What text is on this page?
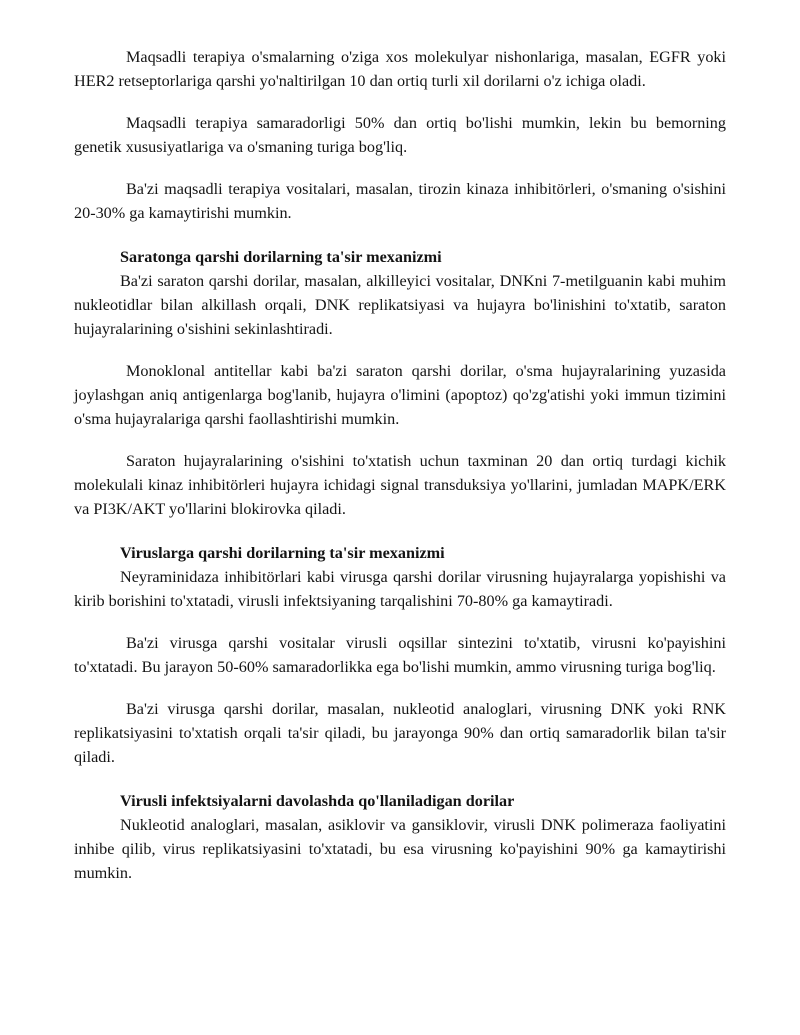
Maqsadli terapiya o'smalarning o'ziga xos molekulyar nishonlariga, masalan, EGFR yoki HER2 retseptorlariga qarshi yo'naltirilgan 10 dan ortiq turli xil dorilarni o'z ichiga oladi.

Maqsadli terapiya samaradorligi 50% dan ortiq bo'lishi mumkin, lekin bu bemorning genetik xususiyatlariga va o'smaning turiga bog'liq.

Ba'zi maqsadli terapiya vositalari, masalan, tirozin kinaza inhibitörleri, o'smaning o'sishini 20-30% ga kamaytirishi mumkin.

Saratonga qarshi dorilarning ta'sir mexanizmi

Ba'zi saraton qarshi dorilar, masalan, alkilleyici vositalar, DNKni 7-metilguanin kabi muhim nukleotidlar bilan alkillash orqali, DNK replikatsiyasi va hujayra bo'linishini to'xtatib, saraton hujayralarining o'sishini sekinlashtiradi.

Monoklonal antitellar kabi ba'zi saraton qarshi dorilar, o'sma hujayralarining yuzasida joylashgan aniq antigenlarga bog'lanib, hujayra o'limini (apoptoz) qo'zg'atishi yoki immun tizimini o'sma hujayralariga qarshi faollashtirishi mumkin.

Saraton hujayralarining o'sishini to'xtatish uchun taxminan 20 dan ortiq turdagi kichik molekulali kinaz inhibitörleri hujayra ichidagi signal transduksiya yo'llarini, jumladan MAPK/ERK va PI3K/AKT yo'llarini blokirovka qiladi.

Viruslarga qarshi dorilarning ta'sir mexanizmi

Neyraminidaza inhibitörlari kabi virusga qarshi dorilar virusning hujayralarga yopishishi va kirib borishini to'xtatadi, virusli infektsiyaning tarqalishini 70-80% ga kamaytiradi.

Ba'zi virusga qarshi vositalar virusli oqsillar sintezini to'xtatib, virusni ko'payishini to'xtatadi. Bu jarayon 50-60% samaradorlikka ega bo'lishi mumkin, ammo virusning turiga bog'liq.

Ba'zi virusga qarshi dorilar, masalan, nukleotid analoglari, virusning DNK yoki RNK replikatsiyasini to'xtatish orqali ta'sir qiladi, bu jarayonga 90% dan ortiq samaradorlik bilan ta'sir qiladi.

Virusli infektsiyalarni davolashda qo'llaniladigan dorilar

Nukleotid analoglari, masalan, asiklovir va gansiklovir, virusli DNK polimeraza faoliyatini inhibe qilib, virus replikatsiyasini to'xtatadi, bu esa virusning ko'payishini 90% ga kamaytirishi mumkin.
